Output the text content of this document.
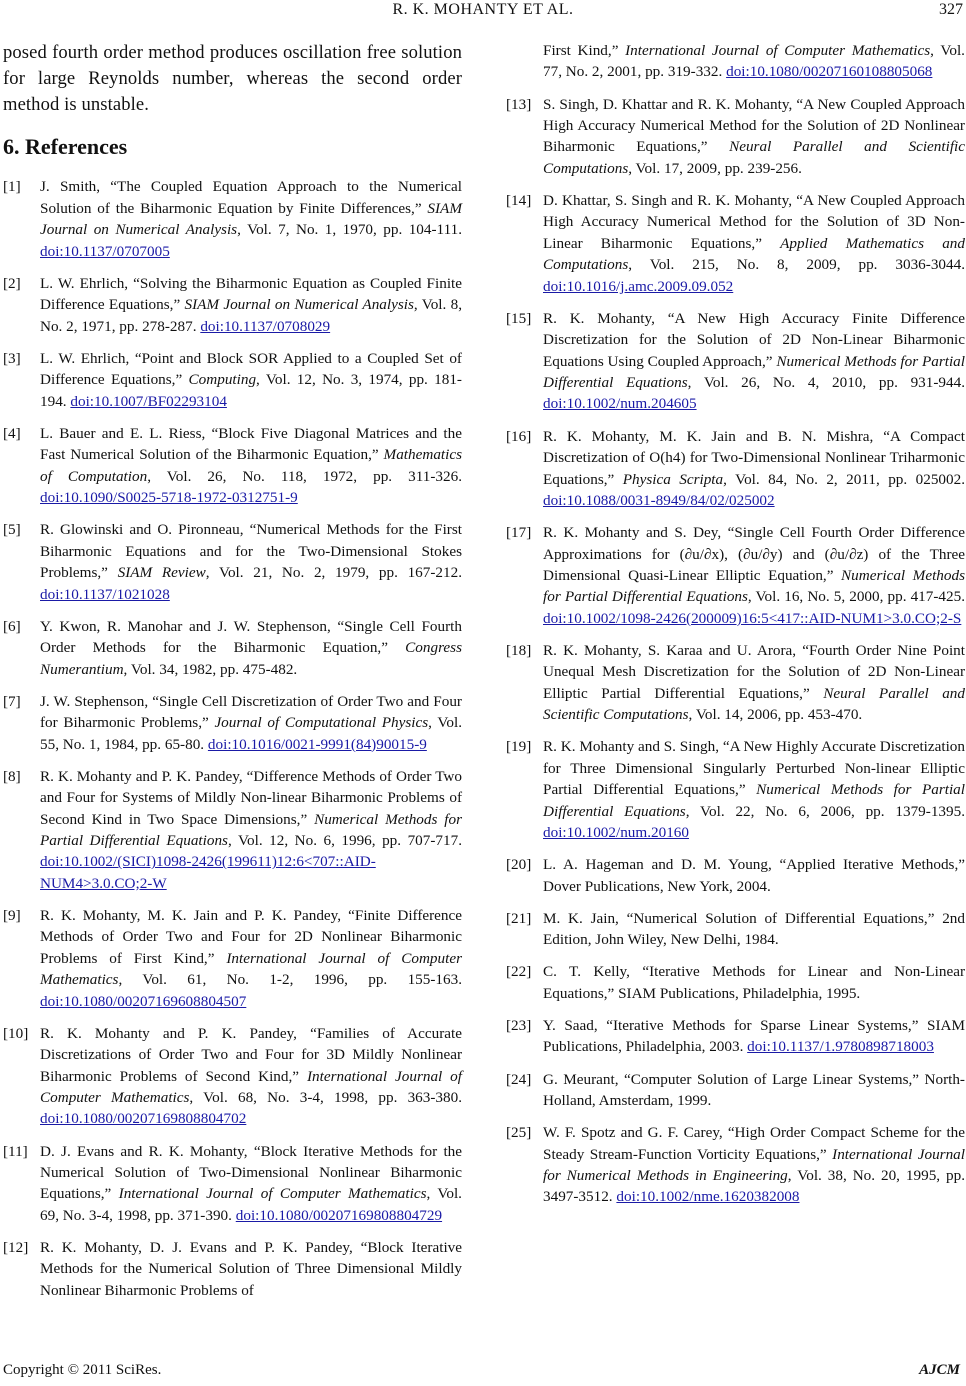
R. K. MOHANTY ET AL.	327

posed fourth order method produces oscillation free solution for large Reynolds number, whereas the second order method is unstable.

6. References
[1]	J. Smith, “The Coupled Equation Approach to the Numerical Solution of the Biharmonic Equation by Finite Differences,” SIAM Journal on Numerical Analysis, Vol. 7, No. 1, 1970, pp. 104-111. doi:10.1137/0707005
[2]	L. W. Ehrlich, “Solving the Biharmonic Equation as Coupled Finite Difference Equations,” SIAM Journal on Numerical Analysis, Vol. 8, No. 2, 1971, pp. 278-287. doi:10.1137/0708029
[3]	L. W. Ehrlich, “Point and Block SOR Applied to a Coupled Set of Difference Equations,” Computing, Vol. 12, No. 3, 1974, pp. 181-194. doi:10.1007/BF02293104
[4]	L. Bauer and E. L. Riess, “Block Five Diagonal Matrices and the Fast Numerical Solution of the Biharmonic Equation,” Mathematics of Computation, Vol. 26, No. 118, 1972, pp. 311-326. doi:10.1090/S0025-5718-1972-0312751-9
[5]	R. Glowinski and O. Pironneau, “Numerical Methods for the First Biharmonic Equations and for the Two-Dimensional Stokes Problems,” SIAM Review, Vol. 21, No. 2, 1979, pp. 167-212. doi:10.1137/1021028
[6]	Y. Kwon, R. Manohar and J. W. Stephenson, “Single Cell Fourth Order Methods for the Biharmonic Equation,” Congress Numerantium, Vol. 34, 1982, pp. 475-482.
[7]	J. W. Stephenson, “Single Cell Discretization of Order Two and Four for Biharmonic Problems,” Journal of Computational Physics, Vol. 55, No. 1, 1984, pp. 65-80. doi:10.1016/0021-9991(84)90015-9
[8]	R. K. Mohanty and P. K. Pandey, “Difference Methods of Order Two and Four for Systems of Mildly Non-linear Biharmonic Problems of Second Kind in Two Space Dimensions,” Numerical Methods for Partial Differential Equations, Vol. 12, No. 6, 1996, pp. 707-717. doi:10.1002/(SICI)1098-2426(199611)12:6<707::AID-NUM4>3.0.CO;2-W
[9]	R. K. Mohanty, M. K. Jain and P. K. Pandey, “Finite Difference Methods of Order Two and Four for 2D Nonlinear Biharmonic Problems of First Kind,” International Journal of Computer Mathematics, Vol. 61, No. 1-2, 1996, pp. 155-163. doi:10.1080/00207169608804507
[10] R. K. Mohanty and P. K. Pandey, “Families of Accurate Discretizations of Order Two and Four for 3D Mildly Nonlinear Biharmonic Problems of Second Kind,” International Journal of Computer Mathematics, Vol. 68, No. 3-4, 1998, pp. 363-380. doi:10.1080/00207169808804702
[11] D. J. Evans and R. K. Mohanty, “Block Iterative Methods for the Numerical Solution of Two-Dimensional Nonlinear Biharmonic Equations,” International Journal of Computer Mathematics, Vol. 69, No. 3-4, 1998, pp. 371-390. doi:10.1080/00207169808804729
[12] R. K. Mohanty, D. J. Evans and P. K. Pandey, “Block Iterative Methods for the Numerical Solution of Three Dimensional Mildly Nonlinear Biharmonic Problems of
First Kind,” International Journal of Computer Mathematics, Vol. 77, No. 2, 2001, pp. 319-332. doi:10.1080/00207160108805068
[13] S. Singh, D. Khattar and R. K. Mohanty, “A New Coupled Approach High Accuracy Numerical Method for the Solution of 2D Nonlinear Biharmonic Equations,” Neural Parallel and Scientific Computations, Vol. 17, 2009, pp. 239-256.
[14] D. Khattar, S. Singh and R. K. Mohanty, “A New Coupled Approach High Accuracy Numerical Method for the Solution of 3D Non-Linear Biharmonic Equations,” Applied Mathematics and Computations, Vol. 215, No. 8, 2009, pp. 3036-3044. doi:10.1016/j.amc.2009.09.052
[15] R. K. Mohanty, “A New High Accuracy Finite Difference Discretization for the Solution of 2D Non-Linear Biharmonic Equations Using Coupled Approach,” Numerical Methods for Partial Differential Equations, Vol. 26, No. 4, 2010, pp. 931-944. doi:10.1002/num.204605
[16] R. K. Mohanty, M. K. Jain and B. N. Mishra, “A Compact Discretization of O(h4) for Two-Dimensional Nonlinear Triharmonic Equations,” Physica Scripta, Vol. 84, No. 2, 2011, pp. 025002. doi:10.1088/0031-8949/84/02/025002
[17] R. K. Mohanty and S. Dey, “Single Cell Fourth Order Difference Approximations for (∂u/∂x), (∂u/∂y) and (∂u/∂z) of the Three Dimensional Quasi-Linear Elliptic Equation,” Numerical Methods for Partial Differential Equations, Vol. 16, No. 5, 2000, pp. 417-425. doi:10.1002/1098-2426(200009)16:5<417::AID-NUM1>3.0.CO;2-S
[18] R. K. Mohanty, S. Karaa and U. Arora, “Fourth Order Nine Point Unequal Mesh Discretization for the Solution of 2D Non-Linear Elliptic Partial Differential Equations,” Neural Parallel and Scientific Computations, Vol. 14, 2006, pp. 453-470.
[19] R. K. Mohanty and S. Singh, “A New Highly Accurate Discretization for Three Dimensional Singularly Perturbed Non-linear Elliptic Partial Differential Equations,” Numerical Methods for Partial Differential Equations, Vol. 22, No. 6, 2006, pp. 1379-1395. doi:10.1002/num.20160
[20] L. A. Hageman and D. M. Young, “Applied Iterative Methods,” Dover Publications, New York, 2004.
[21] M. K. Jain, “Numerical Solution of Differential Equations,” 2nd Edition, John Wiley, New Delhi, 1984.
[22] C. T. Kelly, “Iterative Methods for Linear and Non-Linear Equations,” SIAM Publications, Philadelphia, 1995.
[23] Y. Saad, “Iterative Methods for Sparse Linear Systems,” SIAM Publications, Philadelphia, 2003. doi:10.1137/1.9780898718003
[24] G. Meurant, “Computer Solution of Large Linear Systems,” North-Holland, Amsterdam, 1999.
[25] W. F. Spotz and G. F. Carey, “High Order Compact Scheme for the Steady Stream-Function Vorticity Equations,” International Journal for Numerical Methods in Engineering, Vol. 38, No. 20, 1995, pp. 3497-3512. doi:10.1002/nme.1620382008
Copyright © 2011 SciRes.	AJCM
